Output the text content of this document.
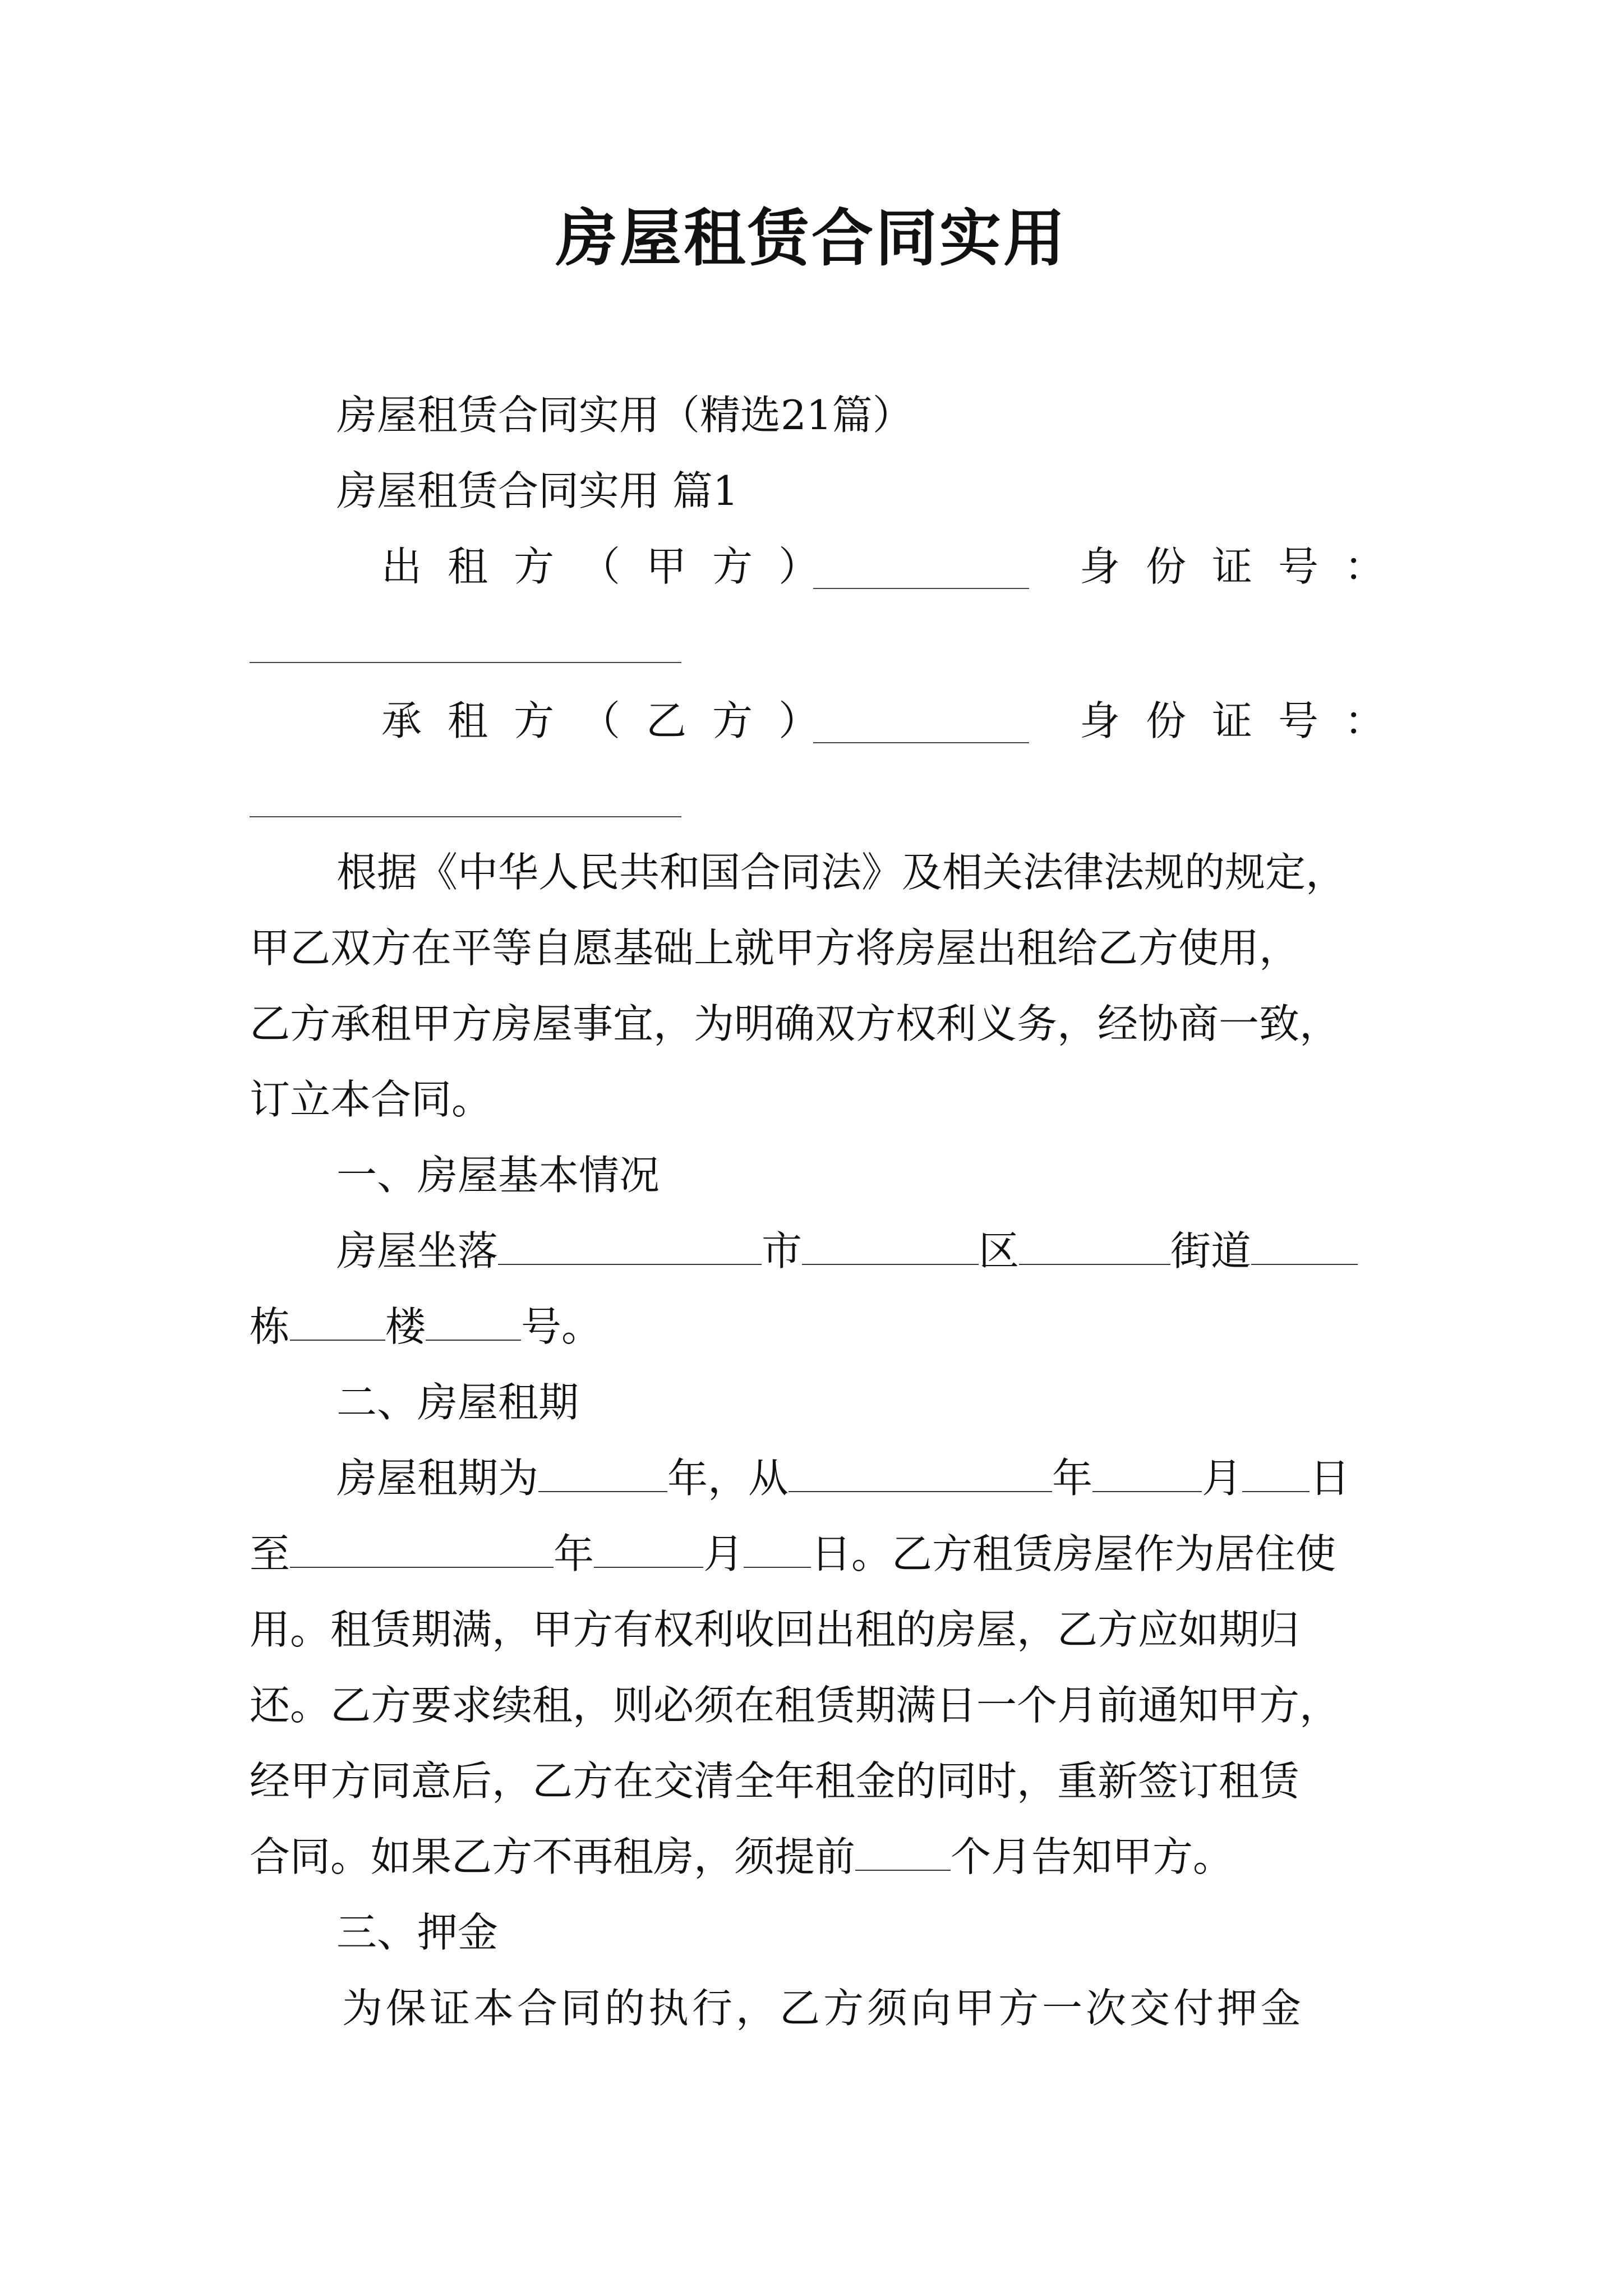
房屋租赁合同实用
房屋租赁合同实用（精选21篇）
房屋租赁合同实用 篇1
出租方（甲方）	身份证号：
承租方（乙方）	身份证号：
根据《中华人民共和国合同法》及相关法律法规的规定，
甲乙双方在平等自愿基础上就甲方将房屋出租给乙方使用，
乙方承租甲方房屋事宜，为明确双方权利义务，经协商一致，
订立本合同。
一、房屋基本情况
房屋坐落	市	区	街道
栋 楼 号。
二、房屋租期
房屋租期为	年，从	年	月 日
至	年	月 日。乙方租赁房屋作为居住使
用。租赁期满，甲方有权利收回出租的房屋，乙方应如期归
还。乙方要求续租，则必须在租赁期满日一个月前通知甲方，
经甲方同意后，乙方在交清全年租金的同时，重新签订租赁
合同。如果乙方不再租房，须提前 个月告知甲方。
三、押金
为保证本合同的执行，乙方须向甲方一次交付押金
